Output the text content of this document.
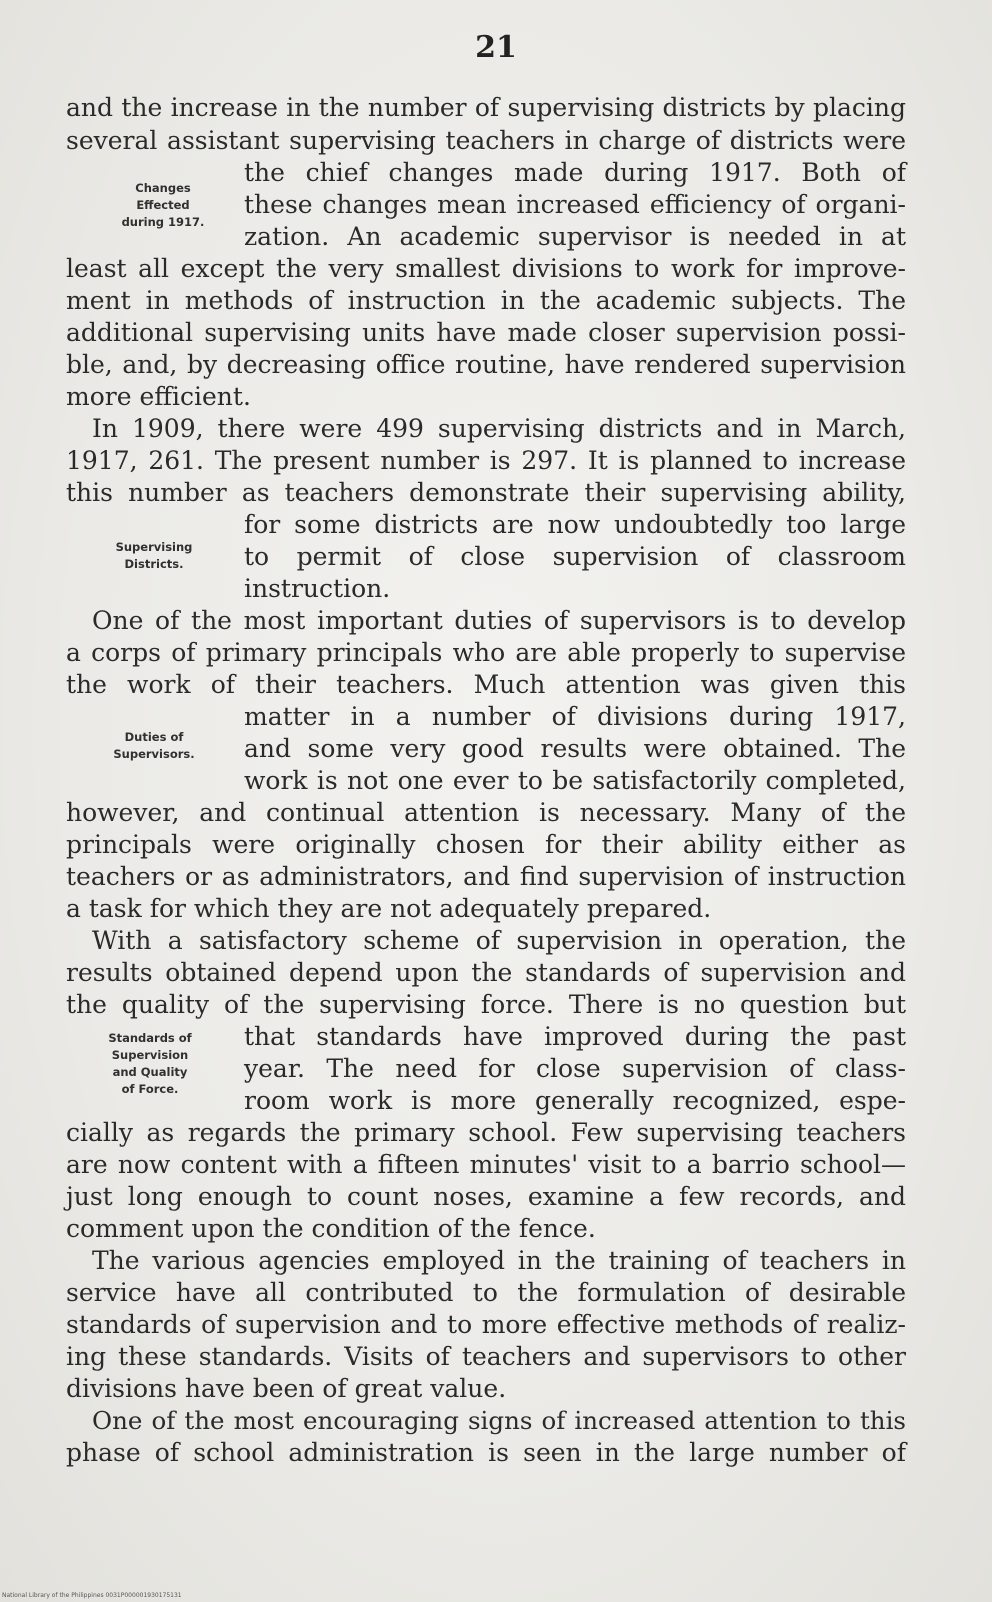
21
and the increase in the number of supervising districts by placing
several assistant supervising teachers in charge of districts were
the chief changes made during 1917. Both of
these changes mean increased efficiency of organi-
zation. An academic supervisor is needed in at
least all except the very smallest divisions to work for improve-
ment in methods of instruction in the academic subjects. The
additional supervising units have made closer supervision possi-
ble, and, by decreasing office routine, have rendered supervision
more efficient.
Changes
Effected
during 1917.
In 1909, there were 499 supervising districts and in March,
1917, 261. The present number is 297. It is planned to increase
this number as teachers demonstrate their supervising ability,
for some districts are now undoubtedly too large
to permit of close supervision of classroom
instruction.
Supervising
Districts.
One of the most important duties of supervisors is to develop
a corps of primary principals who are able properly to supervise
the work of their teachers. Much attention was given this
matter in a number of divisions during 1917,
and some very good results were obtained. The
work is not one ever to be satisfactorily completed,
however, and continual attention is necessary. Many of the
principals were originally chosen for their ability either as
teachers or as administrators, and find supervision of instruction
a task for which they are not adequately prepared.
Duties of
Supervisors.
With a satisfactory scheme of supervision in operation, the
results obtained depend upon the standards of supervision and
the quality of the supervising force. There is no question but
that standards have improved during the past
year. The need for close supervision of class-
room work is more generally recognized, espe-
cially as regards the primary school. Few supervising teachers
are now content with a fifteen minutes' visit to a barrio school—
just long enough to count noses, examine a few records, and
comment upon the condition of the fence.
Standards of
Supervision
and Quality
of Force.
The various agencies employed in the training of teachers in
service have all contributed to the formulation of desirable
standards of supervision and to more effective methods of realiz-
ing these standards. Visits of teachers and supervisors to other
divisions have been of great value.
One of the most encouraging signs of increased attention to this
phase of school administration is seen in the large number of
National Library of the Philippines 0031P000001930175131
